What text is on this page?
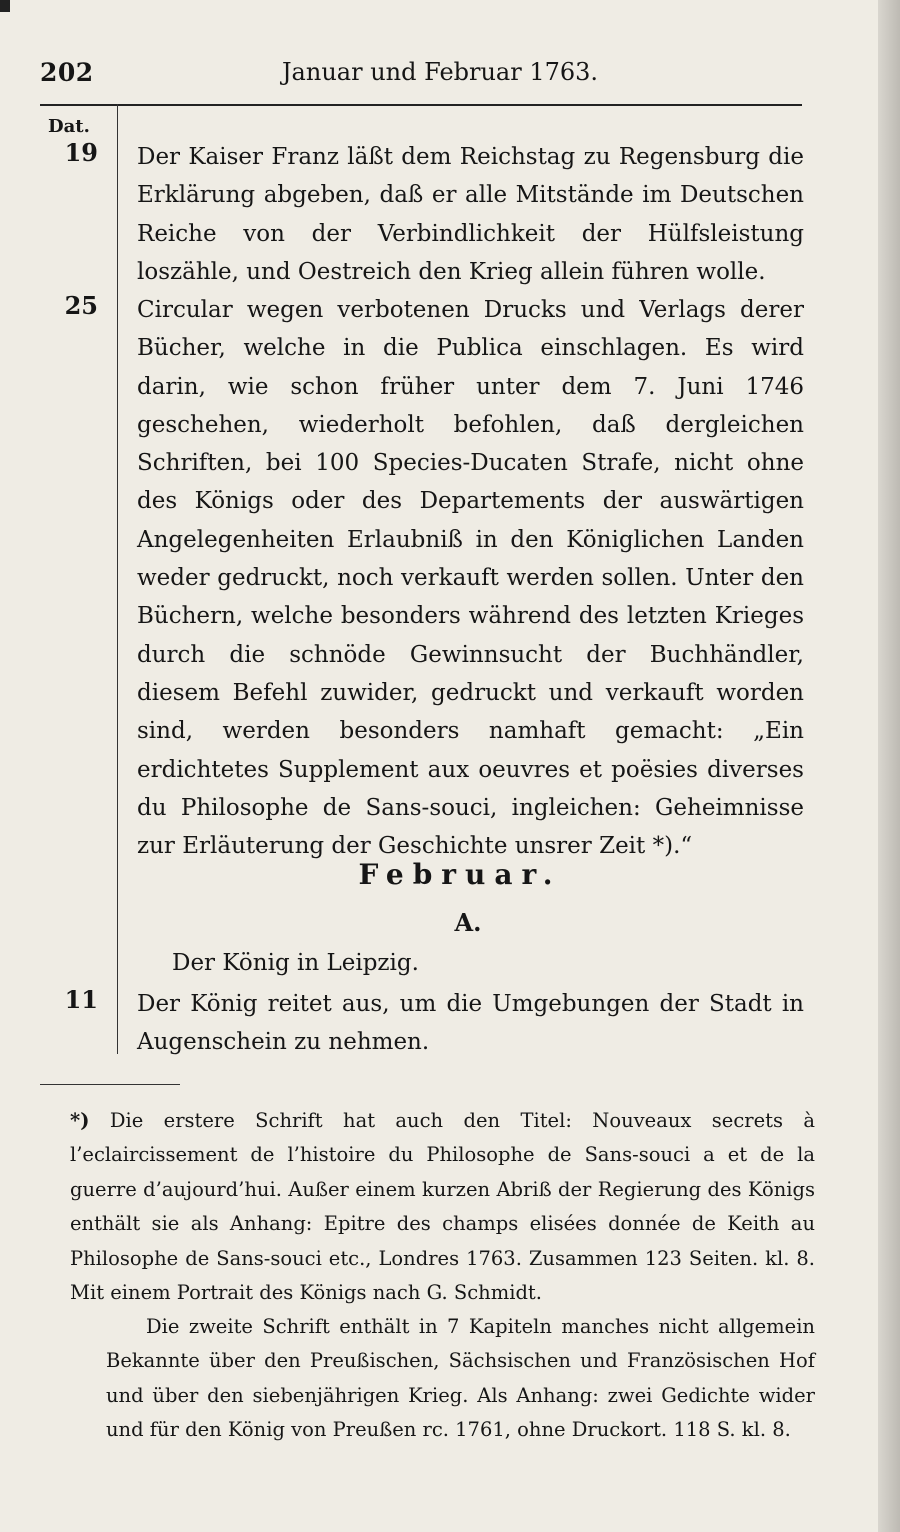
202	Januar und Februar 1763.
Dat.
19 Der Kaiser Franz läßt dem Reichstag zu Regensburg die Erklärung abgeben, daß er alle Mitstände im Deutschen Reiche von der Verbindlichkeit der Hülfsleistung loszähle, und Oestreich den Krieg allein führen wolle.
25 Circular wegen verbotenen Drucks und Verlags derer Bücher, welche in die Publica einschlagen. Es wird darin, wie schon früher unter dem 7. Juni 1746 geschehen, wiederholt befohlen, daß dergleichen Schriften, bei 100 Species-Ducaten Strafe, nicht ohne des Königs oder des Departements der auswärtigen Angelegenheiten Erlaubniß in den Königlichen Landen weder gedruckt, noch verkauft werden sollen. Unter den Büchern, welche besonders während des letzten Krieges durch die schnöde Gewinnsucht der Buchhändler, diesem Befehl zuwider, gedruckt und verkauft worden sind, werden besonders namhaft gemacht: „Ein erdichtetes Supplement aux oeuvres et poësies diverses du Philosophe de Sans-souci, ingleichen: Geheimnisse zur Erläuterung der Geschichte unsrer Zeit *).“
Februar.
A.
Der König in Leipzig.
11 Der König reitet aus, um die Umgebungen der Stadt in Augenschein zu nehmen.
*) Die erstere Schrift hat auch den Titel: Nouveaux secrets à l’eclaircissement de l’histoire du Philosophe de Sans-souci a et de la guerre d’aujourd’hui. Außer einem kurzen Abriß der Regierung des Königs enthält sie als Anhang: Epitre des champs elisées donnée de Keith au Philosophe de Sans-souci etc., Londres 1763. Zusammen 123 Seiten. kl. 8. Mit einem Portrait des Königs nach G. Schmidt.
Die zweite Schrift enthält in 7 Kapiteln manches nicht allgemein Bekannte über den Preußischen, Sächsischen und Französischen Hof und über den siebenjährigen Krieg. Als Anhang: zwei Gedichte wider und für den König von Preußen rc. 1761, ohne Druckort. 118 S. kl. 8.
